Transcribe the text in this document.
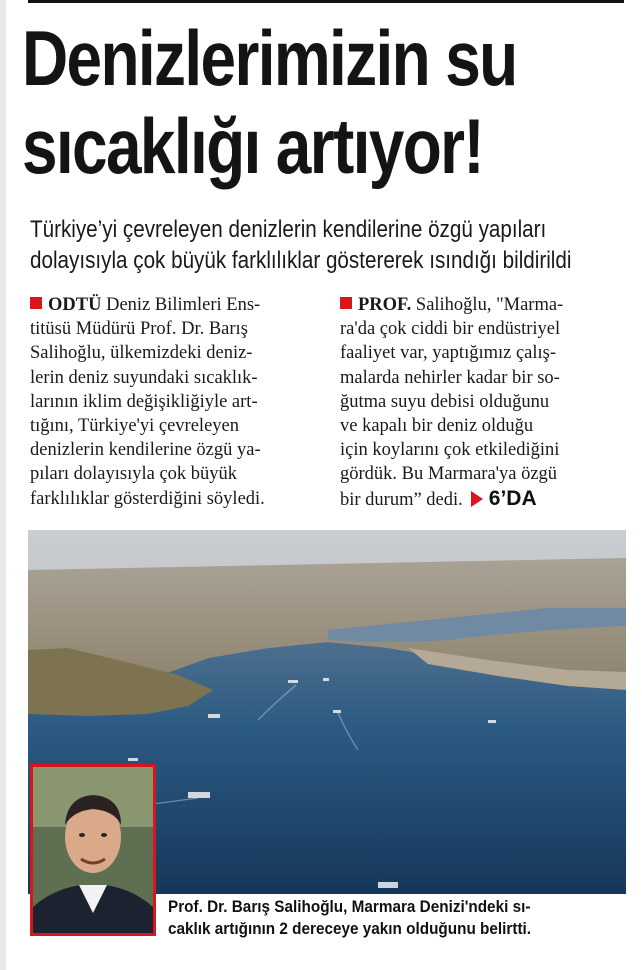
Denizlerimizin su
sıcaklığı artıyor!
Türkiye’yi çevreleyen denizlerin kendilerine özgü yapıları
dolayısıyla çok büyük farklılıklar göstererek ısındığı bildirildi
ODTÜ Deniz Bilimleri Ens-
titüsü Müdürü Prof. Dr. Barış
Salihoğlu, ülkemizdeki deniz-
lerin deniz suyundaki sıcaklık-
larının iklim değişikliğiyle art-
tığını, Türkiye'yi çevreleyen
denizlerin kendilerine özgü ya-
pıları dolayısıyla çok büyük
farklılıklar gösterdiğini söyledi.
PROF. Salihoğlu, "Marma-
ra'da çok ciddi bir endüstriyel
faaliyet var, yaptığımız çalış-
malarda nehirler kadar bir so-
ğutma suyu debisi olduğunu
ve kapalı bir deniz olduğu
için koylarını çok etkilediğini
gördük. Bu Marmara'ya özgü
bir durum” dedi. 6’DA
Prof. Dr. Barış Salihoğlu, Marmara Denizi'ndeki sı-
caklık artığının 2 dereceye yakın olduğunu belirtti.
